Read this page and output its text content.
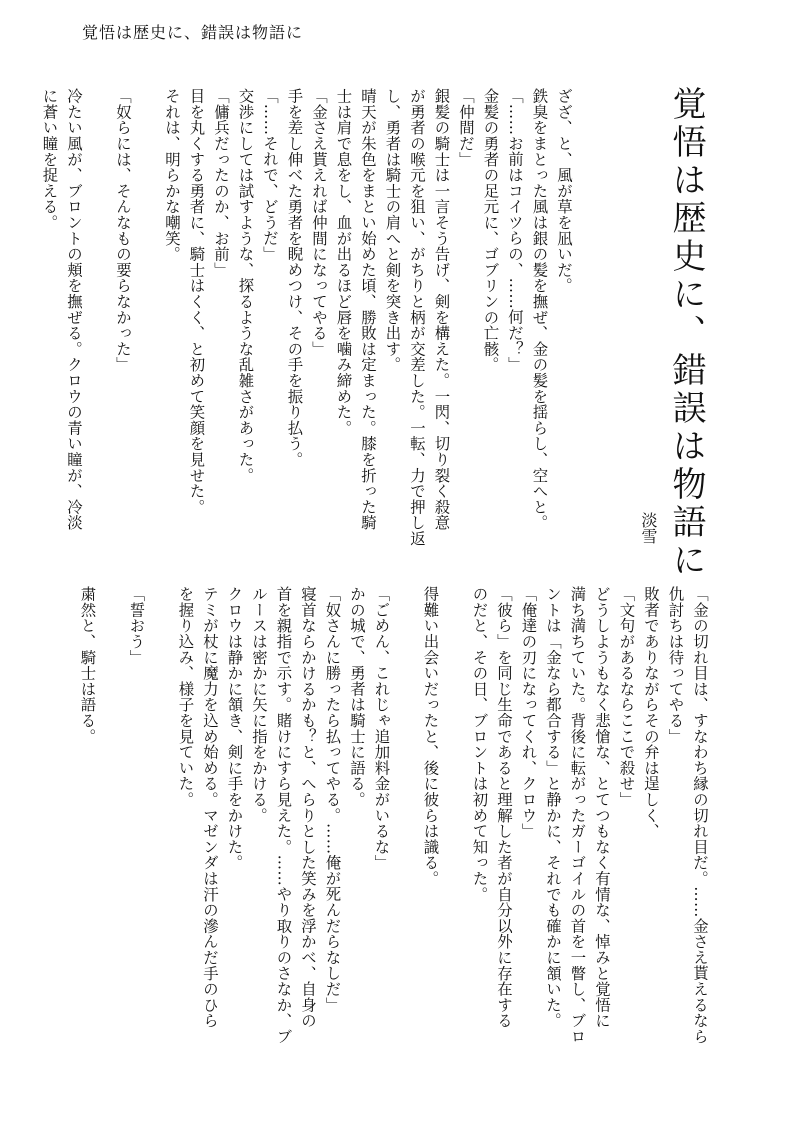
覚悟は歴史に、錯誤は物語に
覚悟は歴史に、錯誤は物語に
淡雪
ざざ、と、風が草を凪いだ。
鉄臭をまとった風は銀の髪を撫ぜ、金の髪を揺らし、空へと。
「……お前はコイツらの、……何だ？」
金髪の勇者の足元に、ゴブリンの亡骸。
「仲間だ」
銀髪の騎士は一言そう告げ、剣を構えた。一閃、切り裂く殺意
が勇者の喉元を狙い、がちりと柄が交差した。一転、力で押し返
し、勇者は騎士の肩へと剣を突き出す。
晴天が朱色をまとい始めた頃、勝敗は定まった。膝を折った騎
士は肩で息をし、血が出るほど唇を噛み締めた。
「金さえ貰えれば仲間になってやる」
手を差し伸べた勇者を睨めつけ、その手を振り払う。
「……それで、どうだ」
交渉にしては試すような、探るような乱雑さがあった。
「傭兵だったのか、お前」
目を丸くする勇者に、騎士はくく、と初めて笑顔を見せた。
それは、明らかな嘲笑。
「奴らには、そんなもの要らなかった」
冷たい風が、ブロントの頬を撫ぜる。クロウの青い瞳が、冷淡
に蒼い瞳を捉える。
「金の切れ目は、すなわち縁の切れ目だ。……金さえ貰えるなら
仇討ちは待ってやる」
敗者でありながらその弁は逞しく、
「文句があるならここで殺せ」
どうしようもなく悲愴な、とてつもなく有情な、悼みと覚悟に
満ち満ちていた。背後に転がったガーゴイルの首を一瞥し、ブロ
ントは「金なら都合する」と静かに、それでも確かに頷いた。
「俺達の刃になってくれ、クロウ」
「彼ら」を同じ生命であると理解した者が自分以外に存在する
のだと、その日、ブロントは初めて知った。
得難い出会いだったと、後に彼らは識る。
「ごめん、これじゃ追加料金がいるな」
かの城で、勇者は騎士に語る。
「奴さんに勝ったら払ってやる。……俺が死んだらなしだ」
寝首ならかけるかも？と、へらりとした笑みを浮かべ、自身の
首を親指で示す。賭けにすら見えた。……やり取りのさなか、ブ
ルースは密かに矢に指をかける。
クロウは静かに頷き、剣に手をかけた。
テミが杖に魔力を込め始める。マゼンダは汗の滲んだ手のひら
を握り込み、様子を見ていた。
「誓おう」
粛然と、騎士は語る。
